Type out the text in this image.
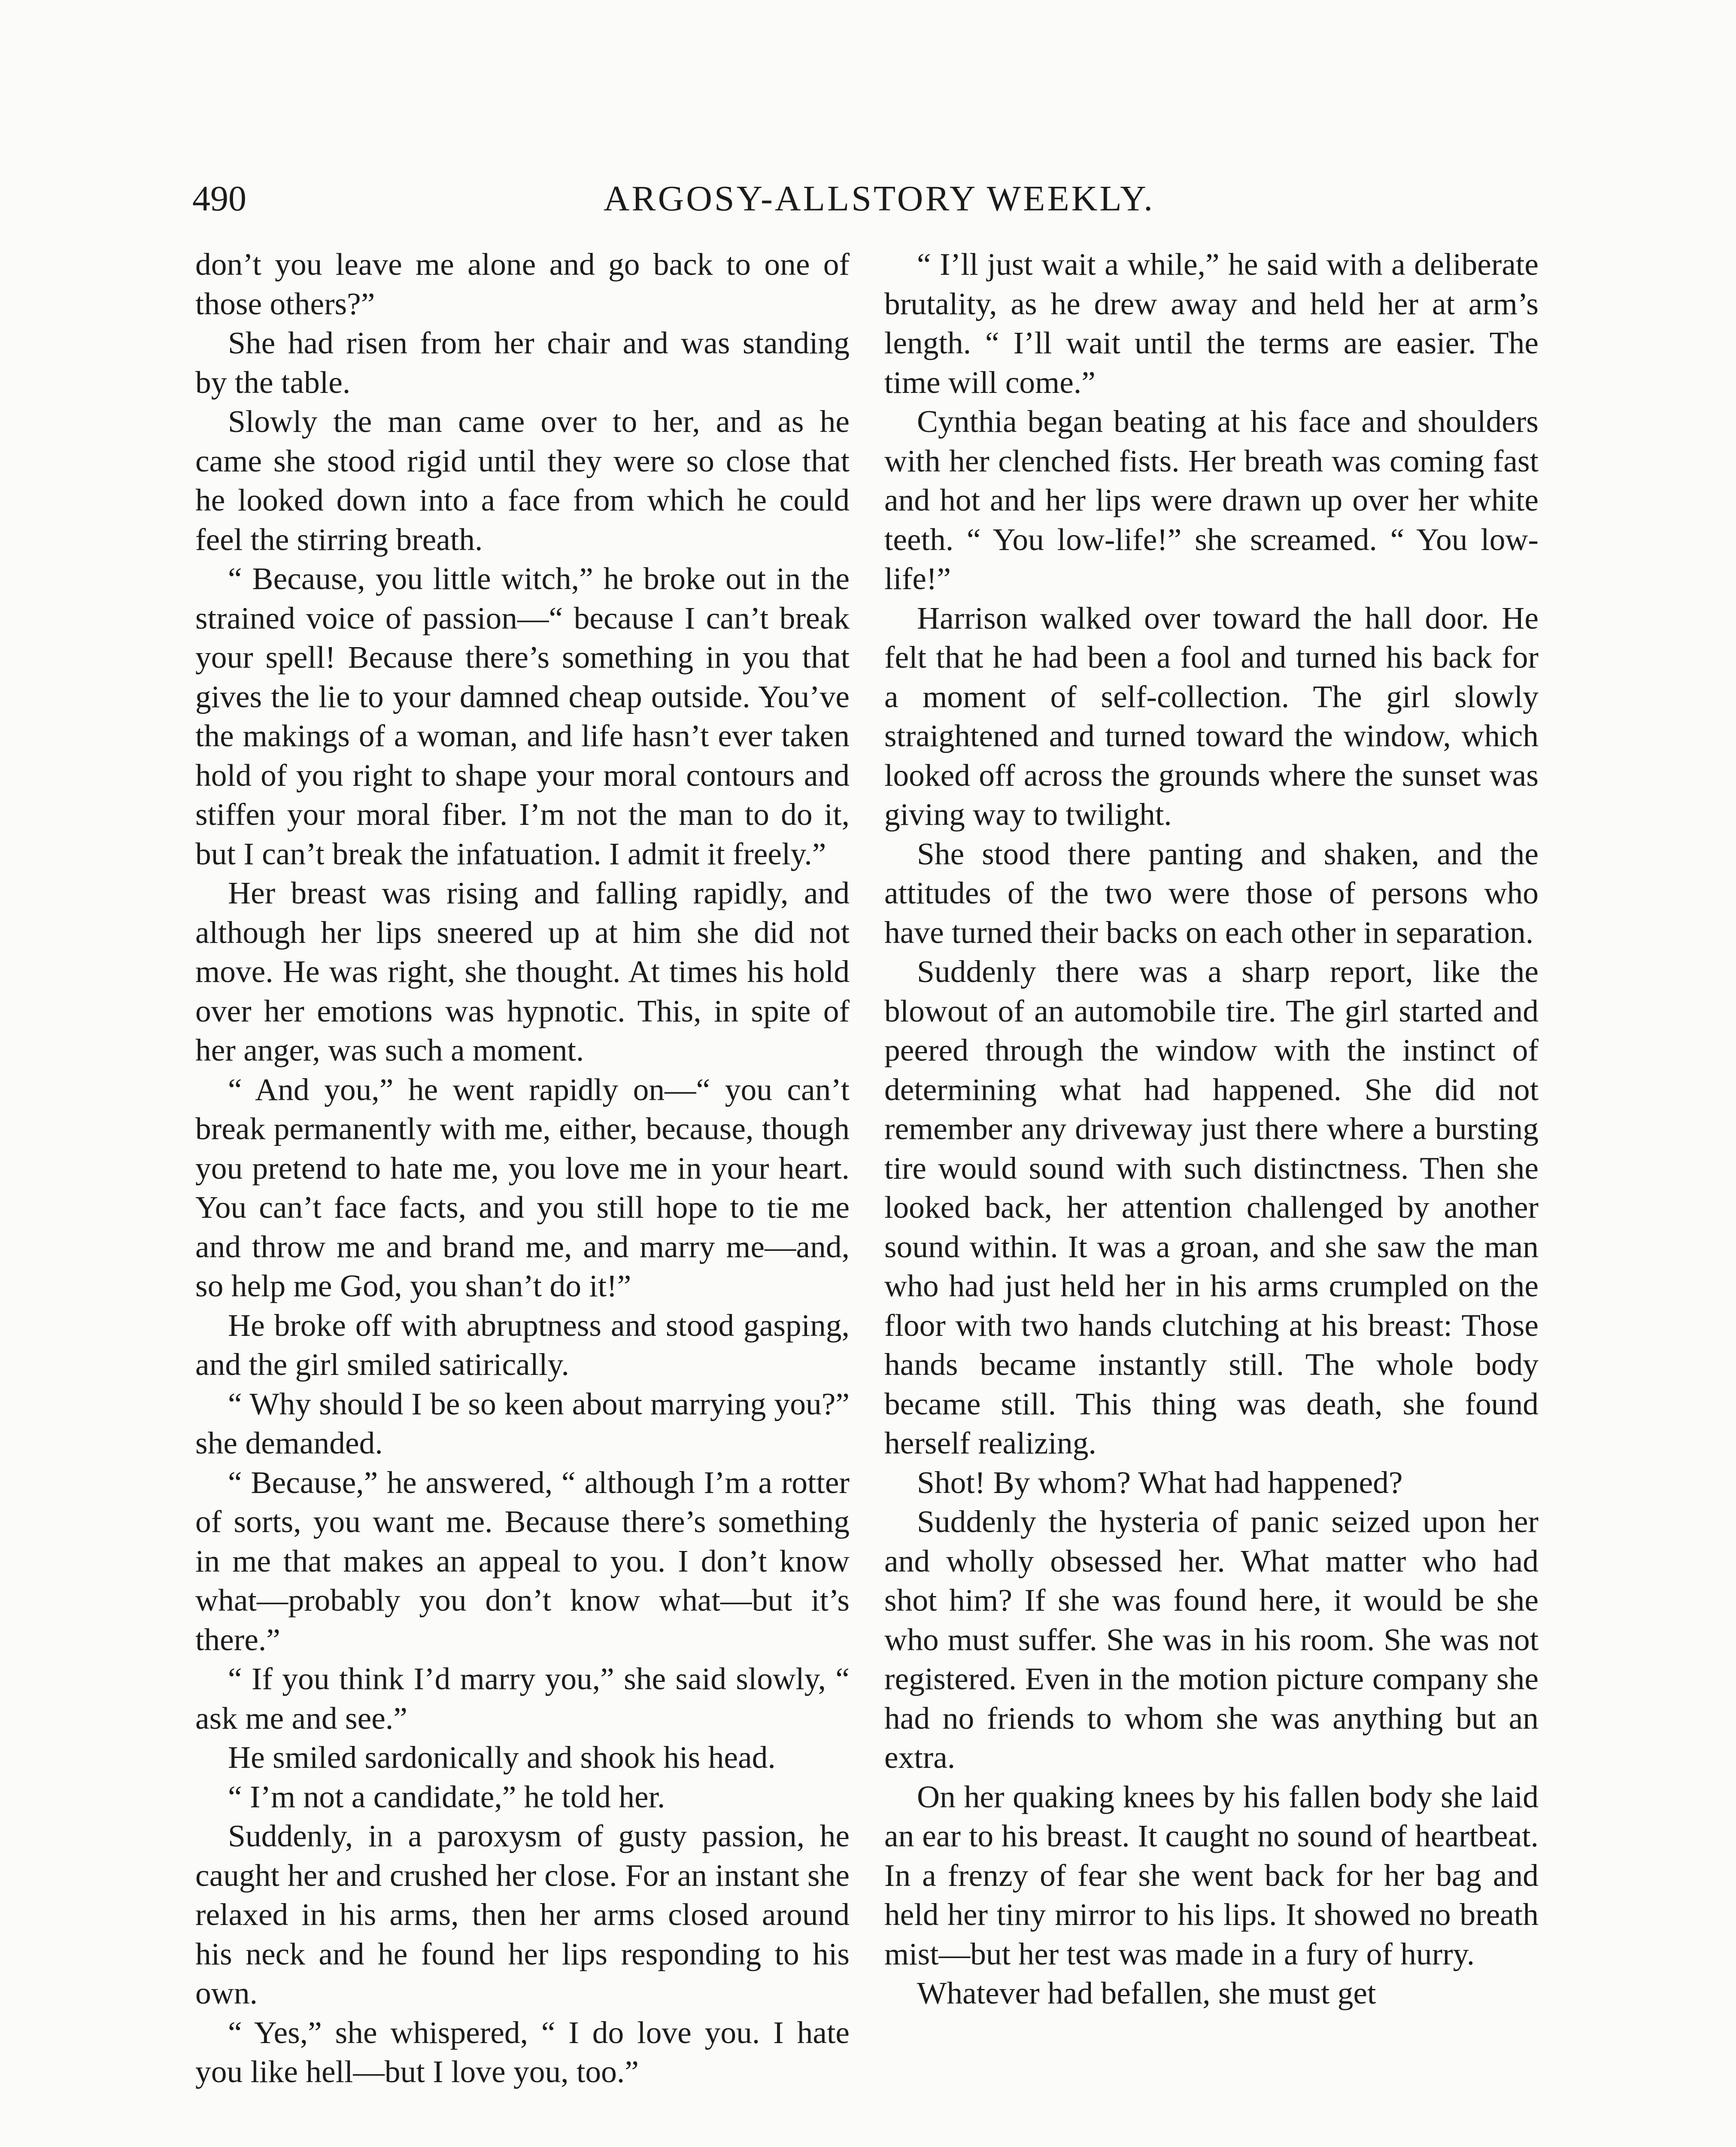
490	ARGOSY-ALLSTORY WEEKLY.

don’t you leave me alone and go back to one of those others?”

She had risen from her chair and was standing by the table.

Slowly the man came over to her, and as he came she stood rigid until they were so close that he looked down into a face from which he could feel the stirring breath.

“ Because, you little witch,” he broke out in the strained voice of passion—“ because I can’t break your spell! Because there’s something in you that gives the lie to your damned cheap outside. You’ve the makings of a woman, and life hasn’t ever taken hold of you right to shape your moral contours and stiffen your moral fiber. I’m not the man to do it, but I can’t break the infatuation. I admit it freely.”

Her breast was rising and falling rapidly, and although her lips sneered up at him she did not move. He was right, she thought. At times his hold over her emotions was hypnotic. This, in spite of her anger, was such a moment.

“ And you,” he went rapidly on—“ you can’t break permanently with me, either, because, though you pretend to hate me, you love me in your heart. You can’t face facts, and you still hope to tie me and throw me and brand me, and marry me—and, so help me God, you shan’t do it!”

He broke off with abruptness and stood gasping, and the girl smiled satirically.

“ Why should I be so keen about marrying you?” she demanded.

“ Because,” he answered, “ although I’m a rotter of sorts, you want me. Because there’s something in me that makes an appeal to you. I don’t know what—probably you don’t know what—but it’s there.”

“ If you think I’d marry you,” she said slowly, “ ask me and see.”

He smiled sardonically and shook his head.

“ I’m not a candidate,” he told her.

Suddenly, in a paroxysm of gusty passion, he caught her and crushed her close. For an instant she relaxed in his arms, then her arms closed around his neck and he found her lips responding to his own.

“ Yes,” she whispered, “ I do love you. I hate you like hell—but I love you, too.”

“ I’ll just wait a while,” he said with a deliberate brutality, as he drew away and held her at arm’s length. “ I’ll wait until the terms are easier. The time will come.”

Cynthia began beating at his face and shoulders with her clenched fists. Her breath was coming fast and hot and her lips were drawn up over her white teeth. “ You low-life!” she screamed. “ You low-life!”

Harrison walked over toward the hall door. He felt that he had been a fool and turned his back for a moment of self-collection. The girl slowly straightened and turned toward the window, which looked off across the grounds where the sunset was giving way to twilight.

She stood there panting and shaken, and the attitudes of the two were those of persons who have turned their backs on each other in separation.

Suddenly there was a sharp report, like the blowout of an automobile tire. The girl started and peered through the window with the instinct of determining what had happened. She did not remember any driveway just there where a bursting tire would sound with such distinctness. Then she looked back, her attention challenged by another sound within. It was a groan, and she saw the man who had just held her in his arms crumpled on the floor with two hands clutching at his breast: Those hands became instantly still. The whole body became still. This thing was death, she found herself realizing.

Shot! By whom? What had happened?

Suddenly the hysteria of panic seized upon her and wholly obsessed her. What matter who had shot him? If she was found here, it would be she who must suffer. She was in his room. She was not registered. Even in the motion picture company she had no friends to whom she was anything but an extra.

On her quaking knees by his fallen body she laid an ear to his breast. It caught no sound of heartbeat. In a frenzy of fear she went back for her bag and held her tiny mirror to his lips. It showed no breath mist—but her test was made in a fury of hurry.

Whatever had befallen, she must get
